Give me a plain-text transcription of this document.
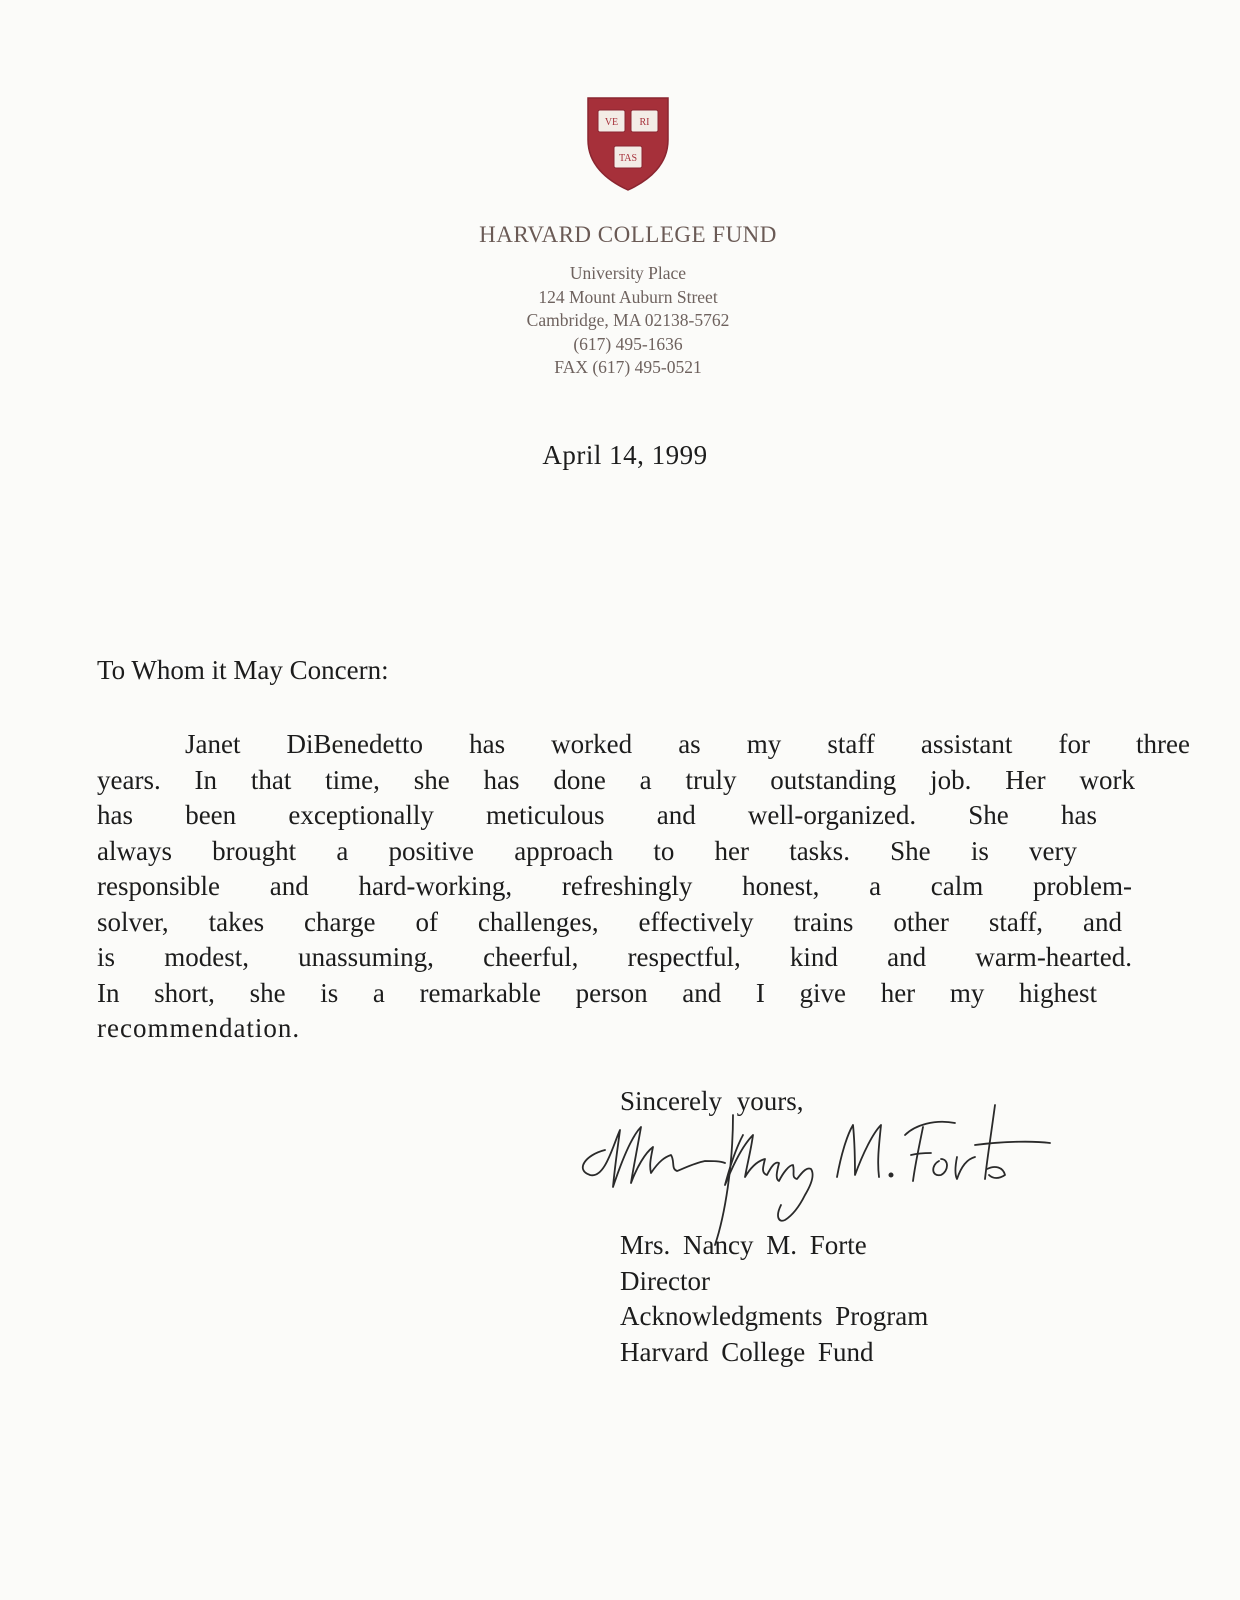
VE RI
TAS
HARVARD COLLEGE FUND
University Place
124 Mount Auburn Street
Cambridge, MA 02138-5762
(617) 495-1636
FAX (617) 495-0521
April 14, 1999
To Whom it May Concern:
Janet DiBenedetto has worked as my staff assistant for three
years. In that time, she has done a truly outstanding job. Her work
has been exceptionally meticulous and well-organized. She has
always brought a positive approach to her tasks. She is very
responsible and hard-working, refreshingly honest, a calm problem-
solver, takes charge of challenges, effectively trains other staff, and
is modest, unassuming, cheerful, respectful, kind and warm-hearted.
In short, she is a remarkable person and I give her my highest
recommendation.
Sincerely yours,
Mrs. Nancy M. Forte
Director
Acknowledgments Program
Harvard College Fund
